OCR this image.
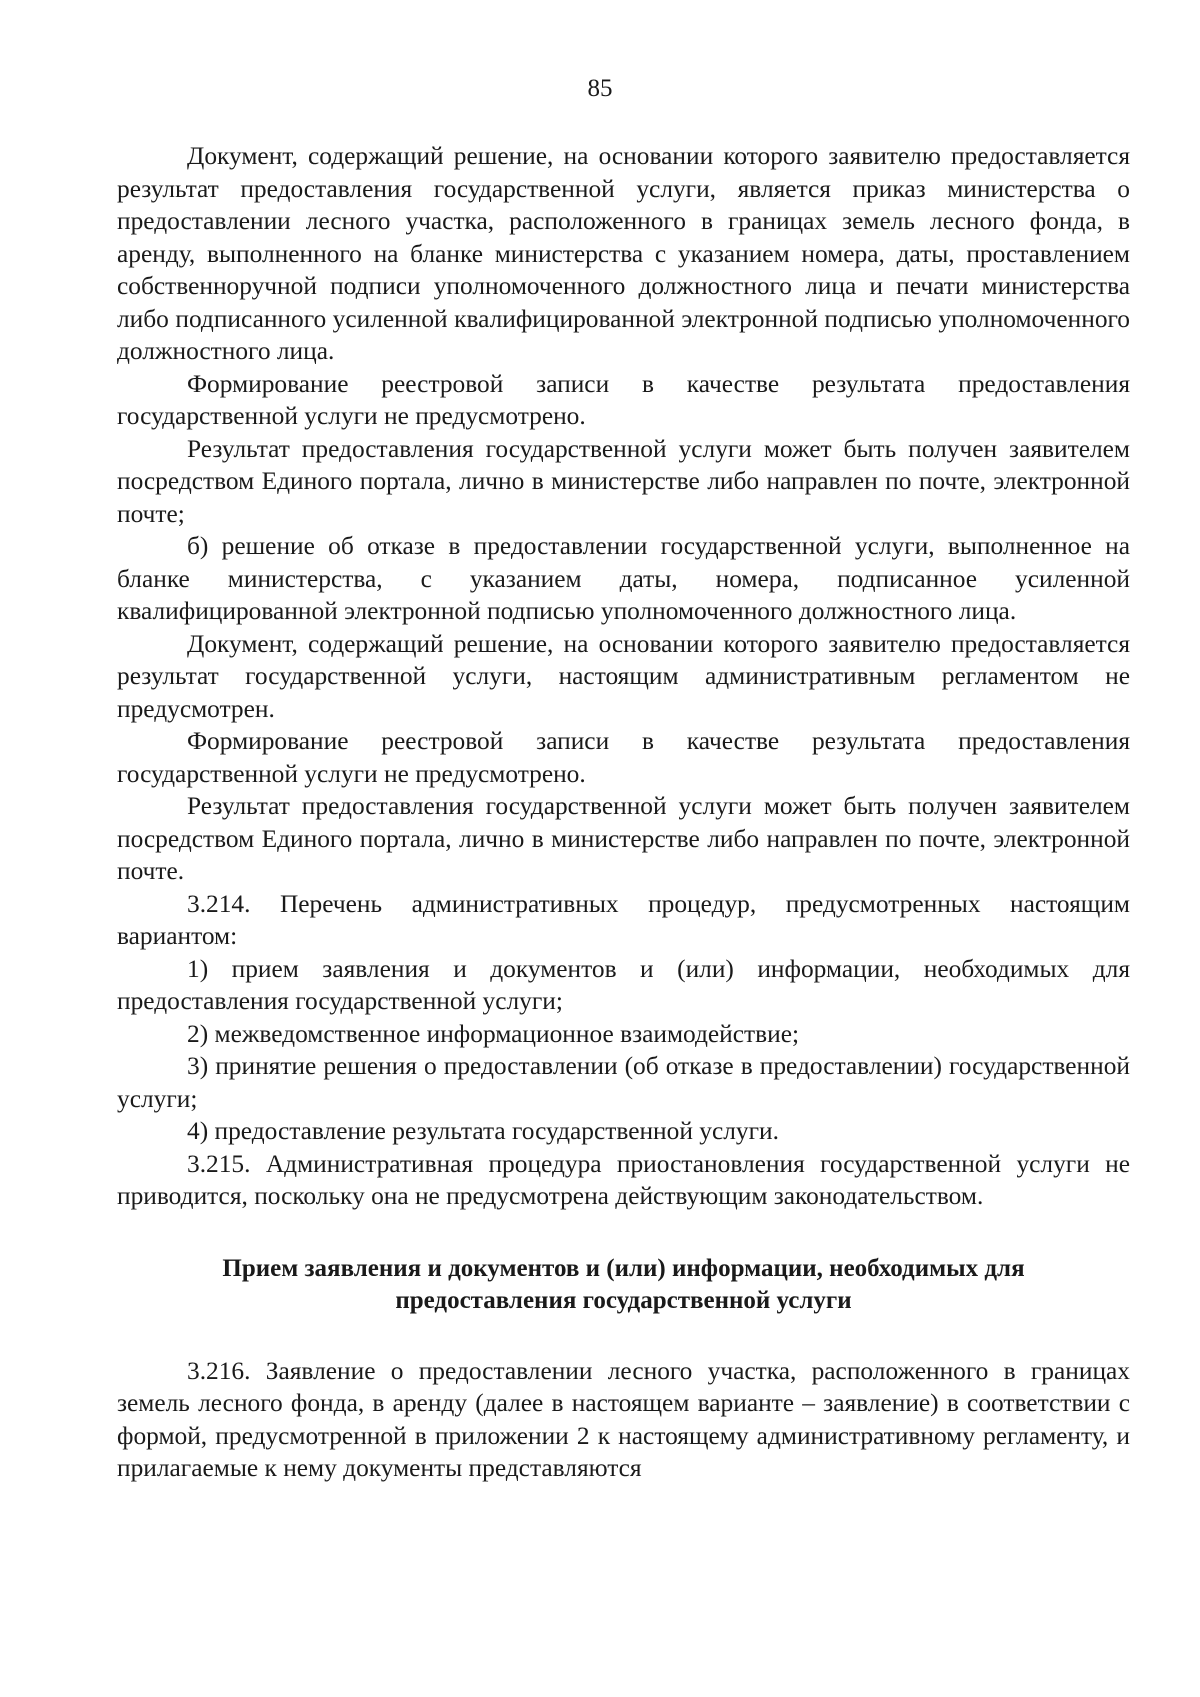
85

Документ, содержащий решение, на основании которого заявителю предоставляется результат предоставления государственной услуги, является приказ министерства о предоставлении лесного участка, расположенного в границах земель лесного фонда, в аренду, выполненного на бланке министерства с указанием номера, даты, проставлением собственноручной подписи уполномоченного должностного лица и печати министерства либо подписанного усиленной квалифицированной электронной подписью уполномоченного должностного лица.

Формирование реестровой записи в качестве результата предоставления государственной услуги не предусмотрено.

Результат предоставления государственной услуги может быть получен заявителем посредством Единого портала, лично в министерстве либо направлен по почте, электронной почте;

б) решение об отказе в предоставлении государственной услуги, выполненное на бланке министерства, с указанием даты, номера, подписанное усиленной квалифицированной электронной подписью уполномоченного должностного лица.

Документ, содержащий решение, на основании которого заявителю предоставляется результат государственной услуги, настоящим административным регламентом не предусмотрен.

Формирование реестровой записи в качестве результата предоставления государственной услуги не предусмотрено.

Результат предоставления государственной услуги может быть получен заявителем посредством Единого портала, лично в министерстве либо направлен по почте, электронной почте.

3.214. Перечень административных процедур, предусмотренных настоящим вариантом:

1) прием заявления и документов и (или) информации, необходимых для предоставления государственной услуги;

2) межведомственное информационное взаимодействие;

3) принятие решения о предоставлении (об отказе в предоставлении) государственной услуги;

4) предоставление результата государственной услуги.

3.215. Административная процедура приостановления государственной услуги не приводится, поскольку она не предусмотрена действующим законодательством.

Прием заявления и документов и (или) информации, необходимых для
предоставления государственной услуги

3.216. Заявление о предоставлении лесного участка, расположенного в границах земель лесного фонда, в аренду (далее в настоящем варианте – заявление) в соответствии с формой, предусмотренной в приложении 2 к настоящему административному регламенту, и прилагаемые к нему документы представляются
